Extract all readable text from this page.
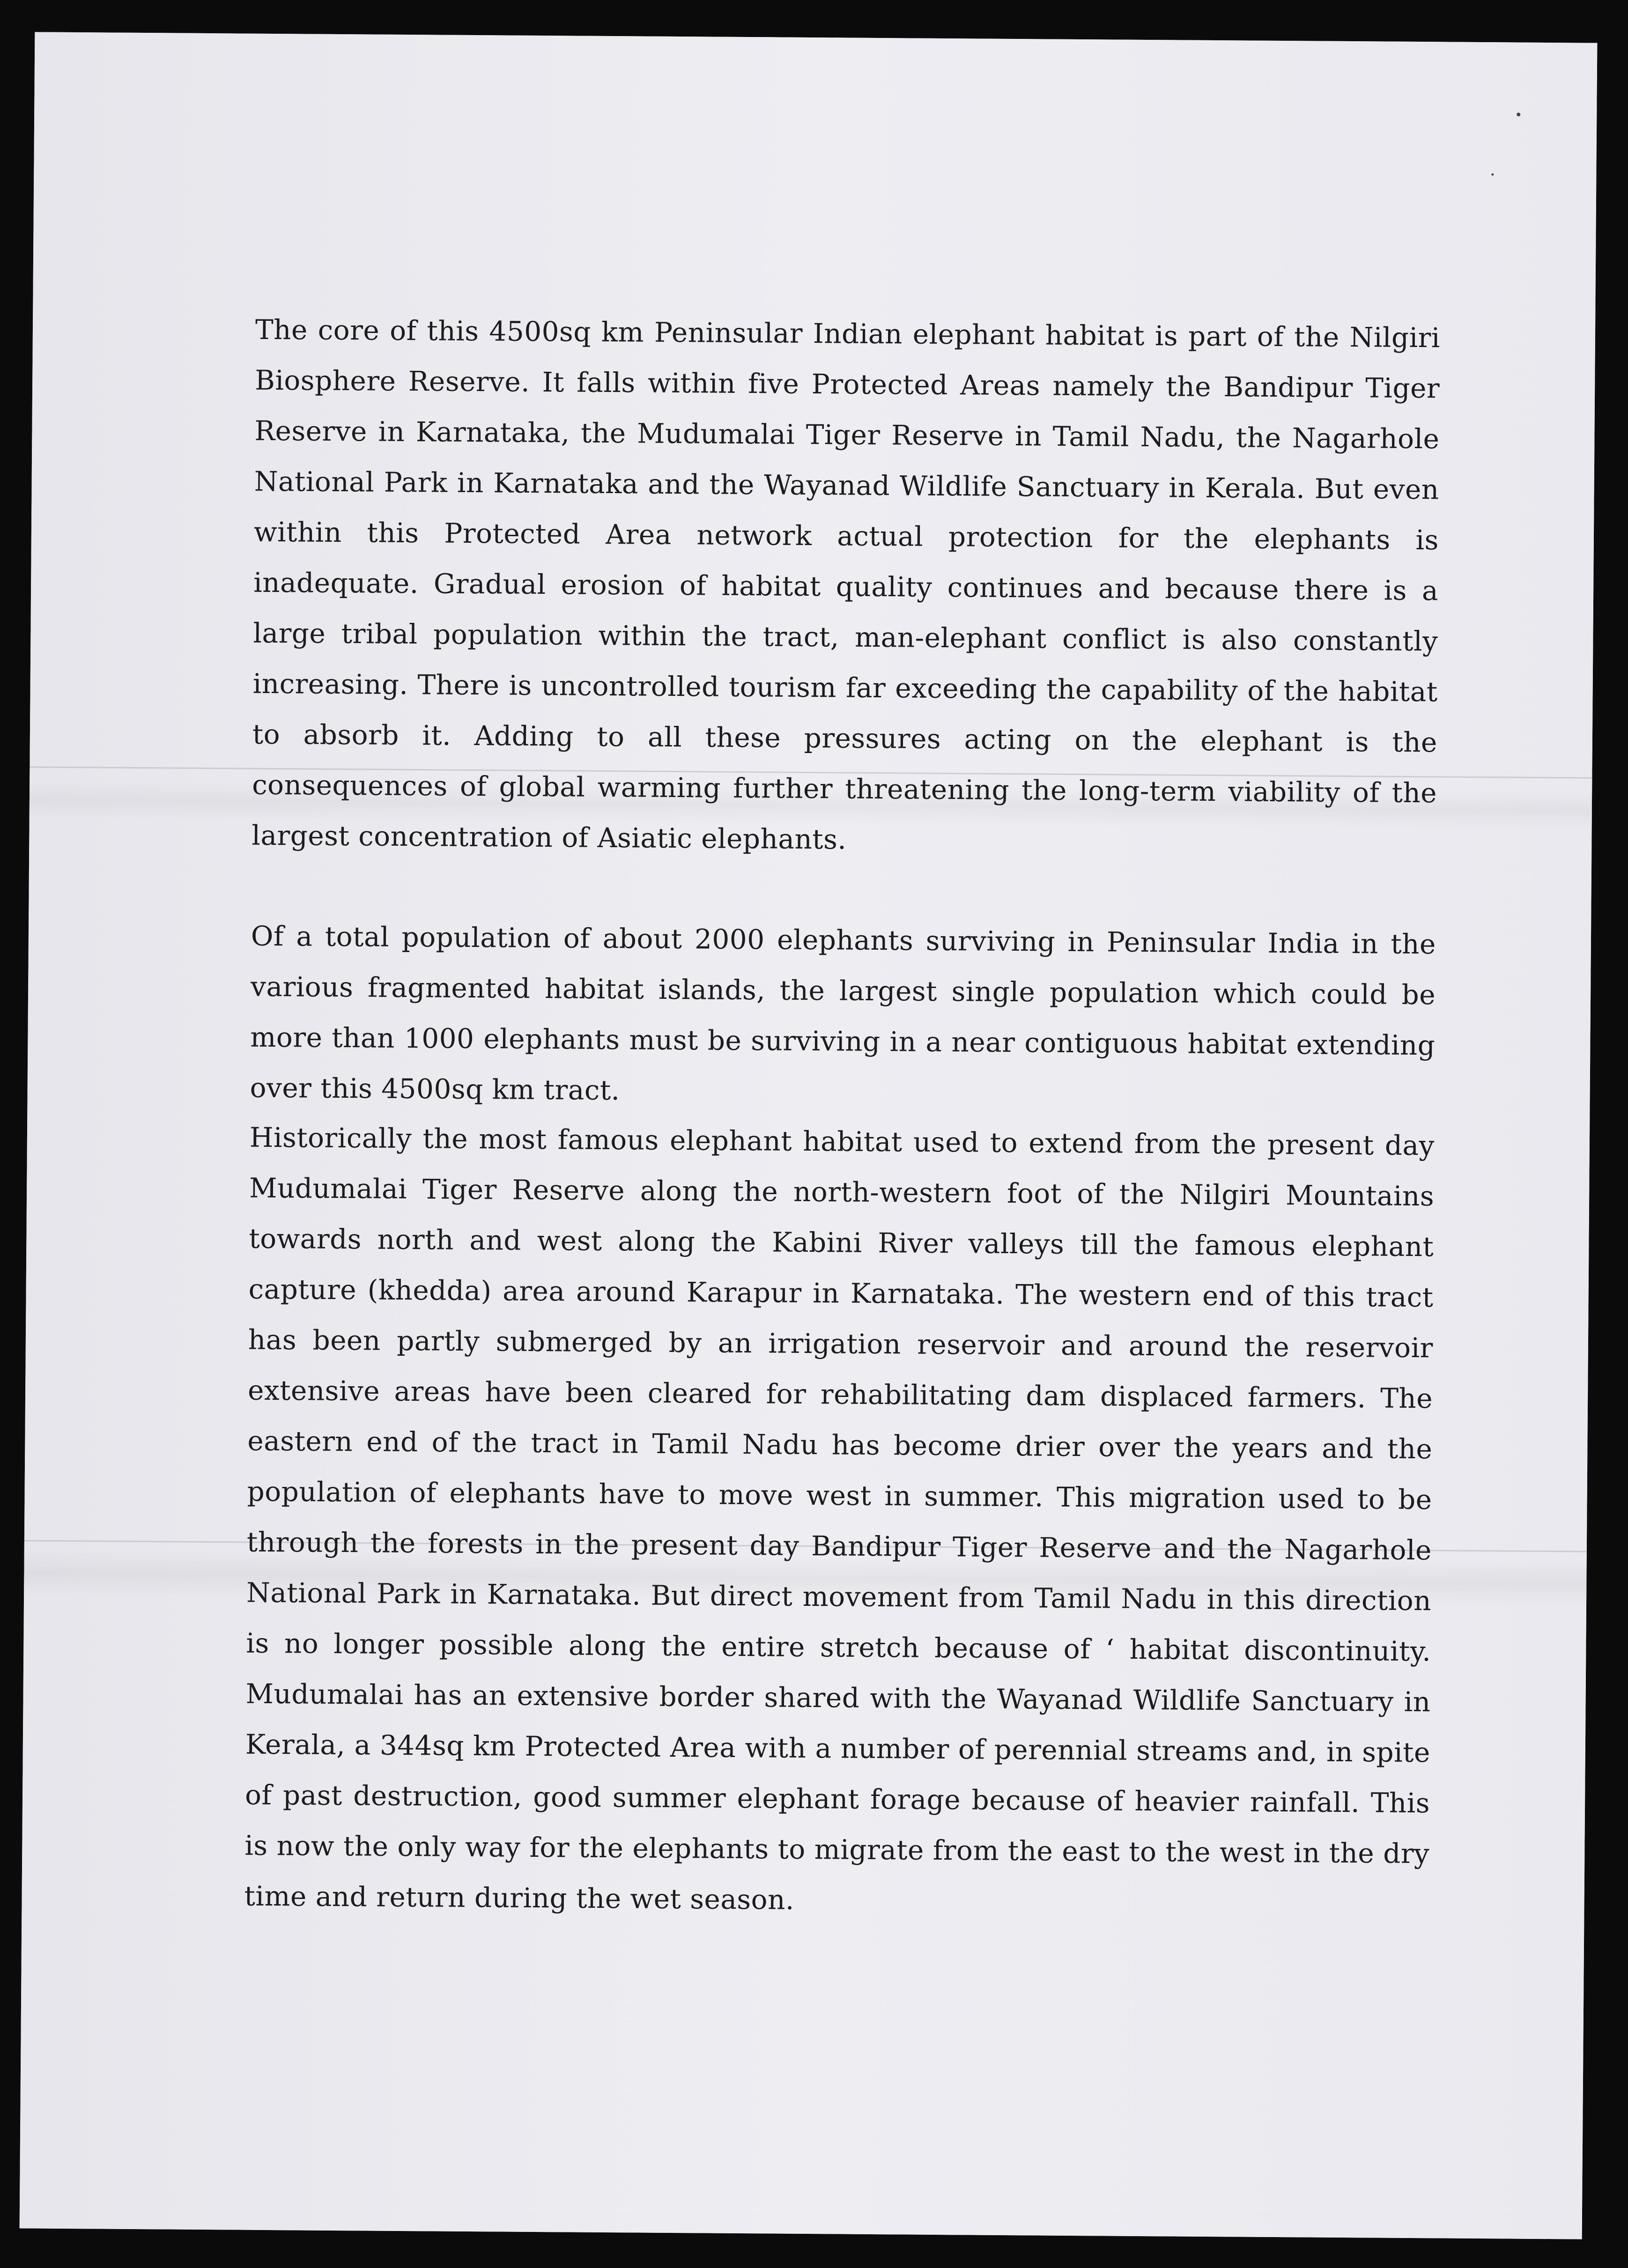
The core of this 4500sq km Peninsular Indian elephant habitat is part of the Nilgiri Biosphere Reserve. It falls within five Protected Areas namely the Bandipur Tiger Reserve in Karnataka, the Mudumalai Tiger Reserve in Tamil Nadu, the Nagarhole National Park in Karnataka and the Wayanad Wildlife Sanctuary in Kerala. But even within this Protected Area network actual protection for the elephants is inadequate. Gradual erosion of habitat quality continues and because there is a large tribal population within the tract, man-elephant conflict is also constantly increasing. There is uncontrolled tourism far exceeding the capability of the habitat to absorb it. Adding to all these pressures acting on the elephant is the consequences of global warming further threatening the long-term viability of the largest concentration of Asiatic elephants.

Of a total population of about 2000 elephants surviving in Peninsular India in the various fragmented habitat islands, the largest single population which could be more than 1000 elephants must be surviving in a near contiguous habitat extending over this 4500sq km tract.

Historically the most famous elephant habitat used to extend from the present day Mudumalai Tiger Reserve along the north-western foot of the Nilgiri Mountains towards north and west along the Kabini River valleys till the famous elephant capture (khedda) area around Karapur in Karnataka. The western end of this tract has been partly submerged by an irrigation reservoir and around the reservoir extensive areas have been cleared for rehabilitating dam displaced farmers. The eastern end of the tract in Tamil Nadu has become drier over the years and the population of elephants have to move west in summer. This migration used to be through the forests in the present day Bandipur Tiger Reserve and the Nagarhole National Park in Karnataka. But direct movement from Tamil Nadu in this direction is no longer possible along the entire stretch because of ‘ habitat discontinuity. Mudumalai has an extensive border shared with the Wayanad Wildlife Sanctuary in Kerala, a 344sq km Protected Area with a number of perennial streams and, in spite of past destruction, good summer elephant forage because of heavier rainfall. This is now the only way for the elephants to migrate from the east to the west in the dry time and return during the wet season.
